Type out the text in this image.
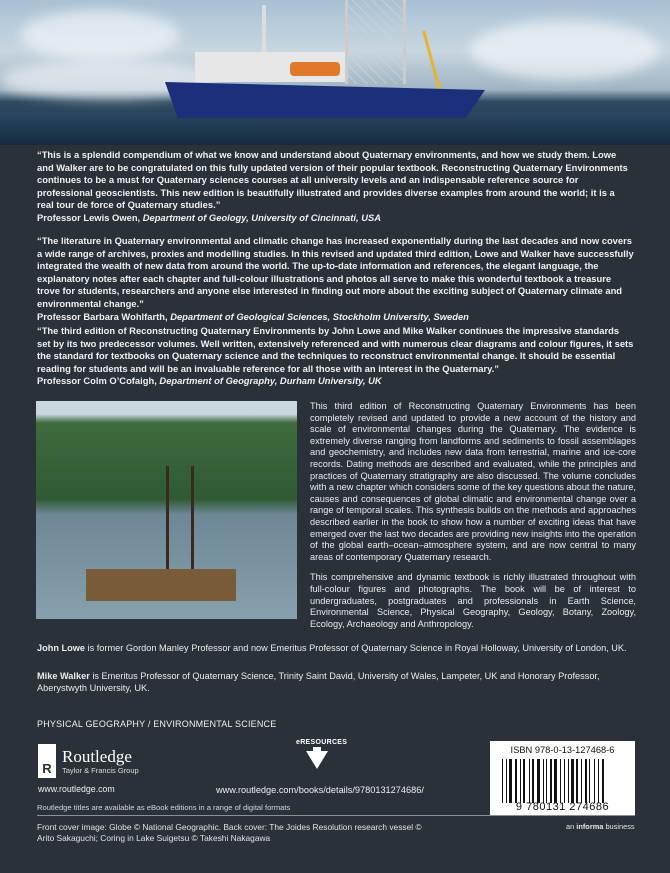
“This is a splendid compendium of what we know and understand about Quaternary environments, and how we study them. Lowe and Walker are to be congratulated on this fully updated version of their popular textbook. Reconstructing Quaternary Environments continues to be a must for Quaternary sciences courses at all university levels and an indispensable reference source for professional geoscientists. This new edition is beautifully illustrated and provides diverse examples from around the world; it is a real tour de force of Quaternary studies.”
Professor Lewis Owen, Department of Geology, University of Cincinnati, USA
“The literature in Quaternary environmental and climatic change has increased exponentially during the last decades and now covers a wide range of archives, proxies and modelling studies. In this revised and updated third edition, Lowe and Walker have successfully integrated the wealth of new data from around the world. The up-to-date information and references, the elegant language, the explanatory notes after each chapter and full-colour illustrations and photos all serve to make this wonderful textbook a treasure trove for students, researchers and anyone else interested in finding out more about the exciting subject of Quaternary climate and environmental change.”
Professor Barbara Wohlfarth, Department of Geological Sciences, Stockholm University, Sweden
“The third edition of Reconstructing Quaternary Environments by John Lowe and Mike Walker continues the impressive standards set by its two predecessor volumes. Well written, extensively referenced and with numerous clear diagrams and colour figures, it sets the standard for textbooks on Quaternary science and the techniques to reconstruct environmental change. It should be essential reading for students and will be an invaluable reference for all those with an interest in the Quaternary.”
Professor Colm O’Cofaigh, Department of Geography, Durham University, UK

This third edition of Reconstructing Quaternary Environments has been completely revised and updated to provide a new account of the history and scale of environmental changes during the Quaternary. The evidence is extremely diverse ranging from landforms and sediments to fossil assemblages and geochemistry, and includes new data from terrestrial, marine and ice-core records. Dating methods are described and evaluated, while the principles and practices of Quaternary stratigraphy are also discussed. The volume concludes with a new chapter which considers some of the key questions about the nature, causes and consequences of global climatic and environmental change over a range of temporal scales. This synthesis builds on the methods and approaches described earlier in the book to show how a number of exciting ideas that have emerged over the last two decades are providing new insights into the operation of the global earth–ocean–atmosphere system, and are now central to many areas of contemporary Quaternary research.

This comprehensive and dynamic textbook is richly illustrated throughout with full-colour figures and photographs. The book will be of interest to undergraduates, postgraduates and professionals in Earth Science, Environmental Science, Physical Geography, Geology, Botany, Zoology, Ecology, Archaeology and Anthropology.

John Lowe is former Gordon Manley Professor and now Emeritus Professor of Quaternary Science in Royal Holloway, University of London, UK.
Mike Walker is Emeritus Professor of Quaternary Science, Trinity Saint David, University of Wales, Lampeter, UK and Honorary Professor, Aberystwyth University, UK.
PHYSICAL GEOGRAPHY / ENVIRONMENTAL SCIENCE
R
Routledge
Taylor & Francis Group
www.routledge.com
eRESOURCES
www.routledge.com/books/details/9780131274686/
ISBN 978-0-13-127468-6
9 780131 274686
Routledge titles are available as eBook editions in a range of digital formats
Front cover image: Globe © National Geographic. Back cover: The Joides Resolution research vessel © Arito Sakaguchi; Coring in Lake Suigetsu © Takeshi Nakagawa
an informa business
